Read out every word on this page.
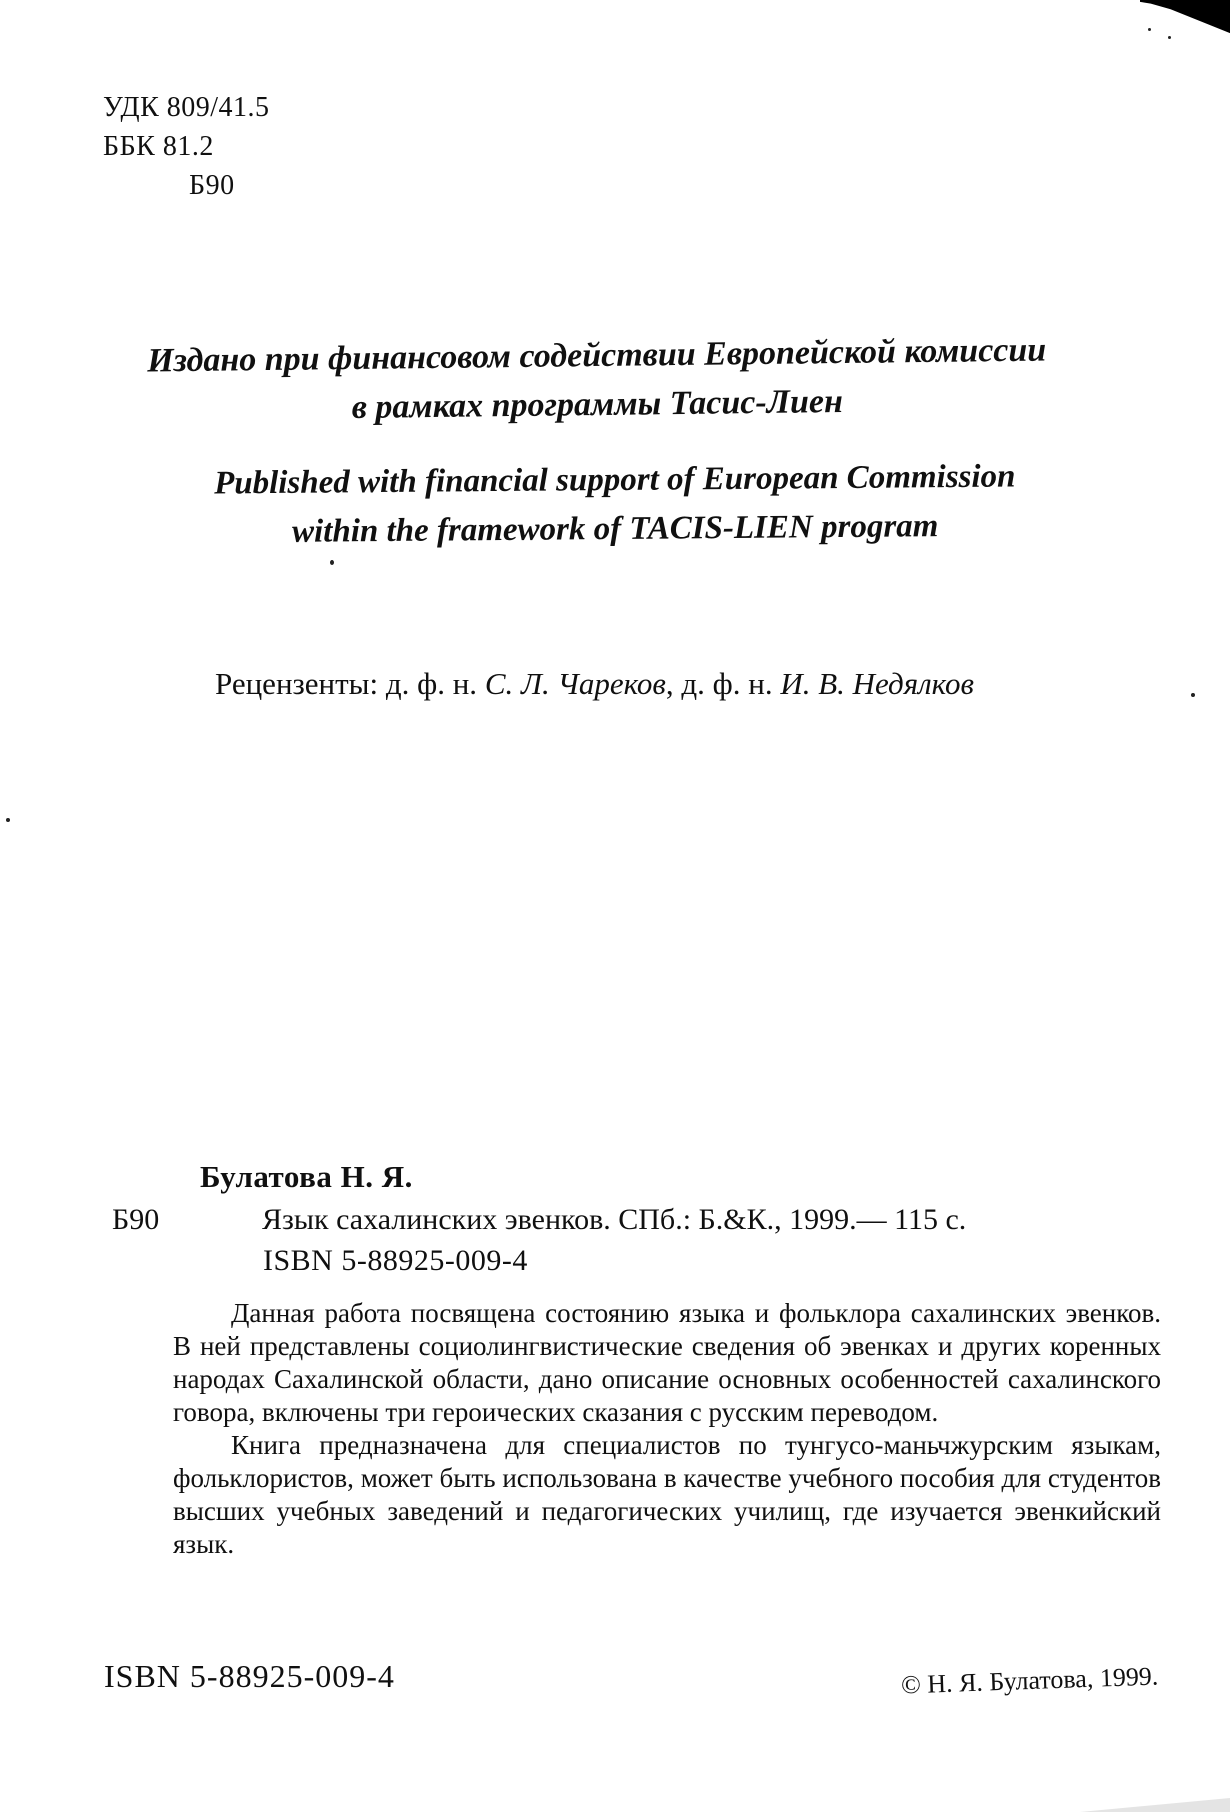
УДК 809/41.5
ББК 81.2
Б90
Издано при финансовом содействии Европейской комиссии
в рамках программы Тасис-Лиен
Published with financial support of European Commission
within the framework of TACIS-LIEN program
Рецензенты: д. ф. н. С. Л. Чареков, д. ф. н. И. В. Недялков
Булатова Н. Я.
Б90	Язык сахалинских эвенков. СПб.: Б.&К., 1999.— 115 с.
ISBN 5-88925-009-4

Данная работа посвящена состоянию языка и фольклора сахалинских эвенков. В ней представлены социолингвистические сведения об эвенках и других коренных народах Сахалинской области, дано описание основных особенностей сахалинского говора, включены три героических сказания с русским переводом.

Книга предназначена для специалистов по тунгусо-маньчжурским языкам, фольклористов, может быть использована в качестве учебного пособия для студентов высших учебных заведений и педагогических училищ, где изучается эвенкийский язык.

ISBN 5-88925-009-4	© Н. Я. Булатова, 1999.
